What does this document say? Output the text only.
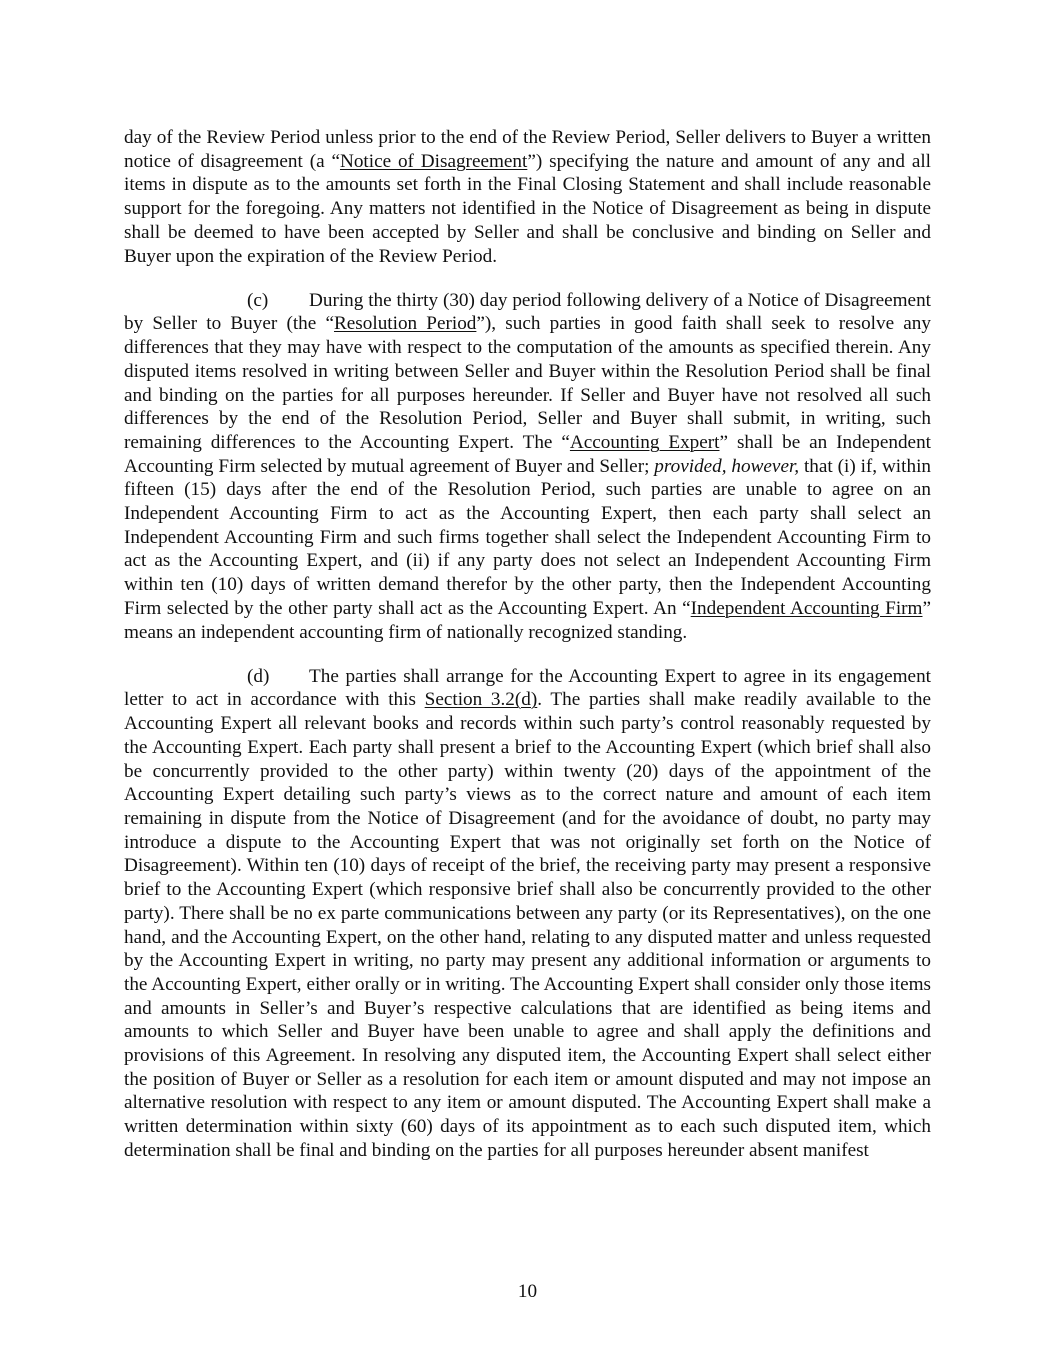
day of the Review Period unless prior to the end of the Review Period, Seller delivers to Buyer a written notice of disagreement (a “Notice of Disagreement”) specifying the nature and amount of any and all items in dispute as to the amounts set forth in the Final Closing Statement and shall include reasonable support for the foregoing. Any matters not identified in the Notice of Disagreement as being in dispute shall be deemed to have been accepted by Seller and shall be conclusive and binding on Seller and Buyer upon the expiration of the Review Period.

(c) During the thirty (30) day period following delivery of a Notice of Disagreement by Seller to Buyer (the “Resolution Period”), such parties in good faith shall seek to resolve any differences that they may have with respect to the computation of the amounts as specified therein. Any disputed items resolved in writing between Seller and Buyer within the Resolution Period shall be final and binding on the parties for all purposes hereunder. If Seller and Buyer have not resolved all such differences by the end of the Resolution Period, Seller and Buyer shall submit, in writing, such remaining differences to the Accounting Expert. The “Accounting Expert” shall be an Independent Accounting Firm selected by mutual agreement of Buyer and Seller; provided, however, that (i) if, within fifteen (15) days after the end of the Resolution Period, such parties are unable to agree on an Independent Accounting Firm to act as the Accounting Expert, then each party shall select an Independent Accounting Firm and such firms together shall select the Independent Accounting Firm to act as the Accounting Expert, and (ii) if any party does not select an Independent Accounting Firm within ten (10) days of written demand therefor by the other party, then the Independent Accounting Firm selected by the other party shall act as the Accounting Expert. An “Independent Accounting Firm” means an independent accounting firm of nationally recognized standing.

(d) The parties shall arrange for the Accounting Expert to agree in its engagement letter to act in accordance with this Section 3.2(d). The parties shall make readily available to the Accounting Expert all relevant books and records within such party’s control reasonably requested by the Accounting Expert. Each party shall present a brief to the Accounting Expert (which brief shall also be concurrently provided to the other party) within twenty (20) days of the appointment of the Accounting Expert detailing such party’s views as to the correct nature and amount of each item remaining in dispute from the Notice of Disagreement (and for the avoidance of doubt, no party may introduce a dispute to the Accounting Expert that was not originally set forth on the Notice of Disagreement). Within ten (10) days of receipt of the brief, the receiving party may present a responsive brief to the Accounting Expert (which responsive brief shall also be concurrently provided to the other party). There shall be no ex parte communications between any party (or its Representatives), on the one hand, and the Accounting Expert, on the other hand, relating to any disputed matter and unless requested by the Accounting Expert in writing, no party may present any additional information or arguments to the Accounting Expert, either orally or in writing. The Accounting Expert shall consider only those items and amounts in Seller’s and Buyer’s respective calculations that are identified as being items and amounts to which Seller and Buyer have been unable to agree and shall apply the definitions and provisions of this Agreement. In resolving any disputed item, the Accounting Expert shall select either the position of Buyer or Seller as a resolution for each item or amount disputed and may not impose an alternative resolution with respect to any item or amount disputed. The Accounting Expert shall make a written determination within sixty (60) days of its appointment as to each such disputed item, which determination shall be final and binding on the parties for all purposes hereunder absent manifest

10
